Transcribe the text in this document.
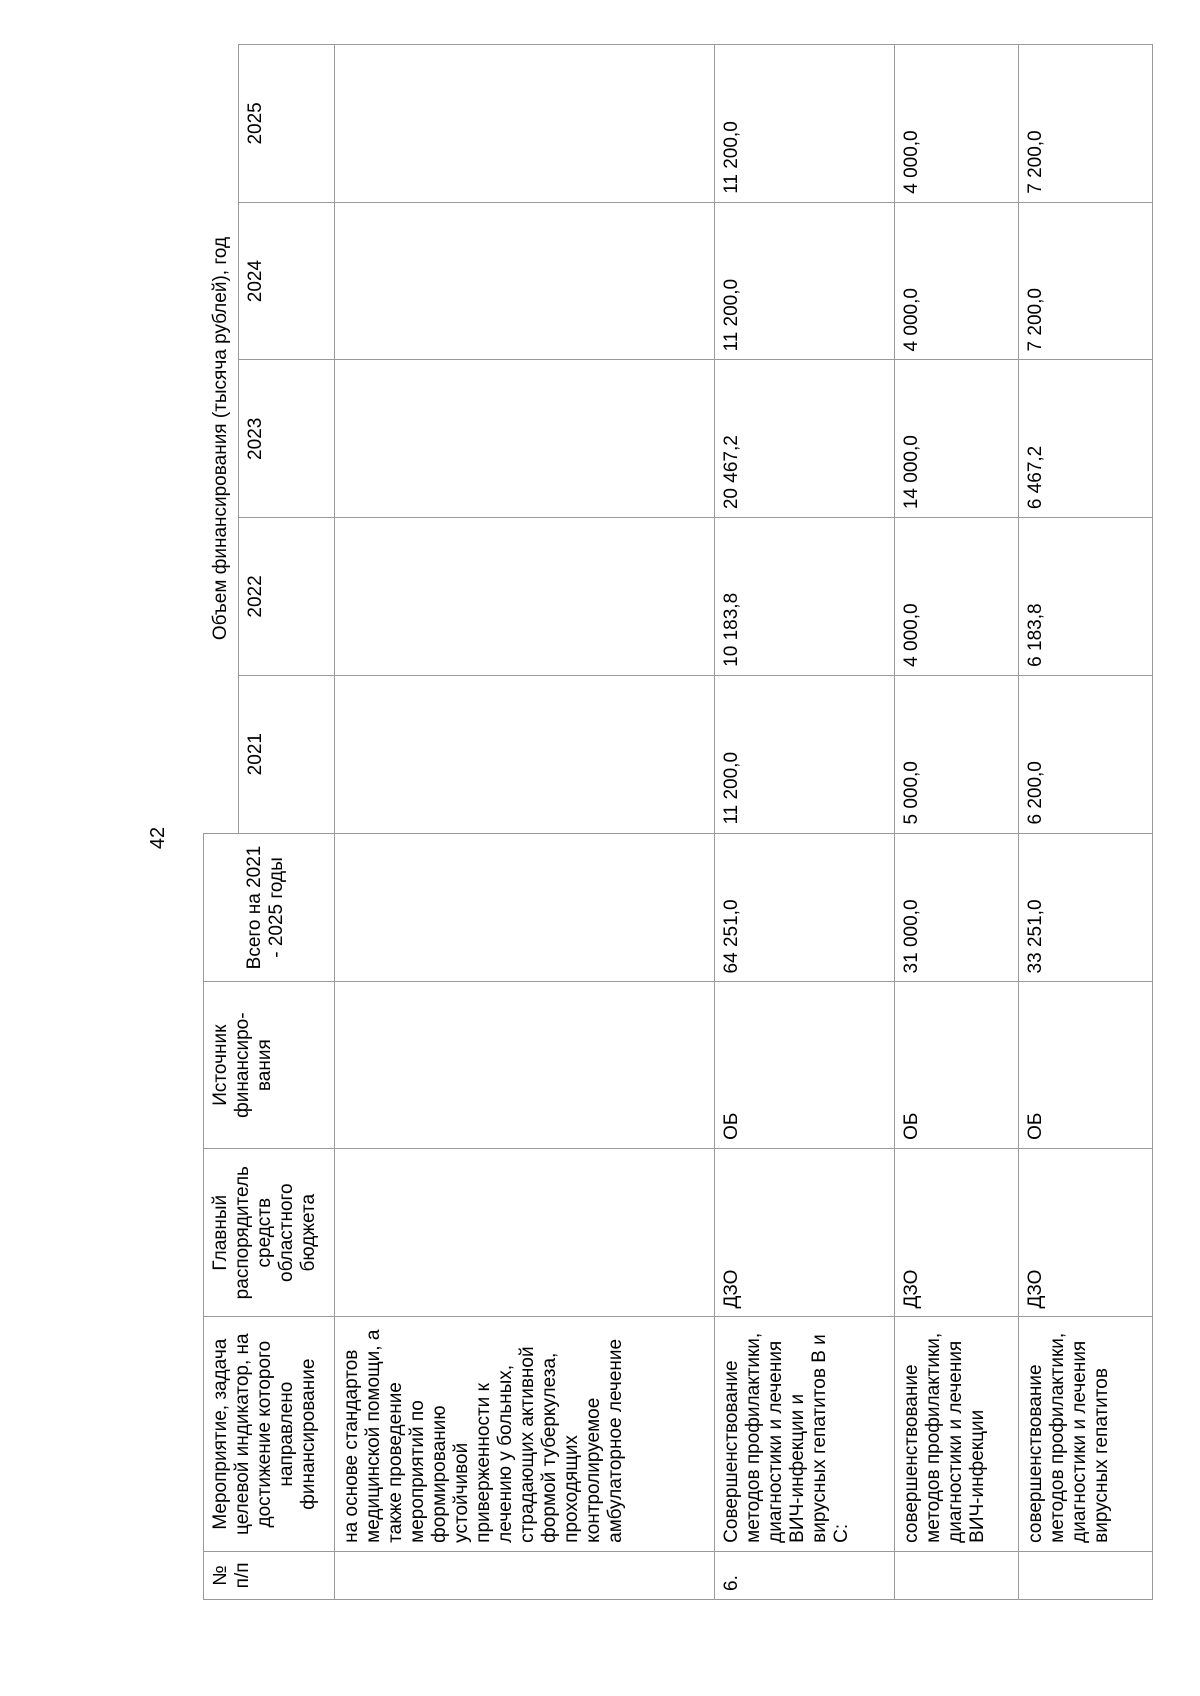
42
№ п/п	Мероприятие, задача целевой индикатор, на достижение которого направлено финансирование	Главный распорядитель средств областного бюджета	Источник финансиро-вания	Всего на 2021 - 2025 годы	Объем финансирования (тысяча рублей), год				
					2021	2022	2023	2024	2025
	на основе стандартов медицинской помощи, а также проведение мероприятий по формированию устойчивой приверженности к лечению у больных, страдающих активной формой туберкулеза, проходящих контролируемое амбулаторное лечение								
6.	Совершенствование методов профилактики, диагностики и лечения ВИЧ-инфекции и вирусных гепатитов В и С:	ДЗО	ОБ	64 251,0	11 200,0	10 183,8	20 467,2	11 200,0	11 200,0
	совершенствование методов профилактики, диагностики и лечения ВИЧ-инфекции	ДЗО	ОБ	31 000,0	5 000,0	4 000,0	14 000,0	4 000,0	4 000,0
	совершенствование методов профилактики, диагностики и лечения вирусных гепатитов	ДЗО	ОБ	33 251,0	6 200,0	6 183,8	6 467,2	7 200,0	7 200,0
